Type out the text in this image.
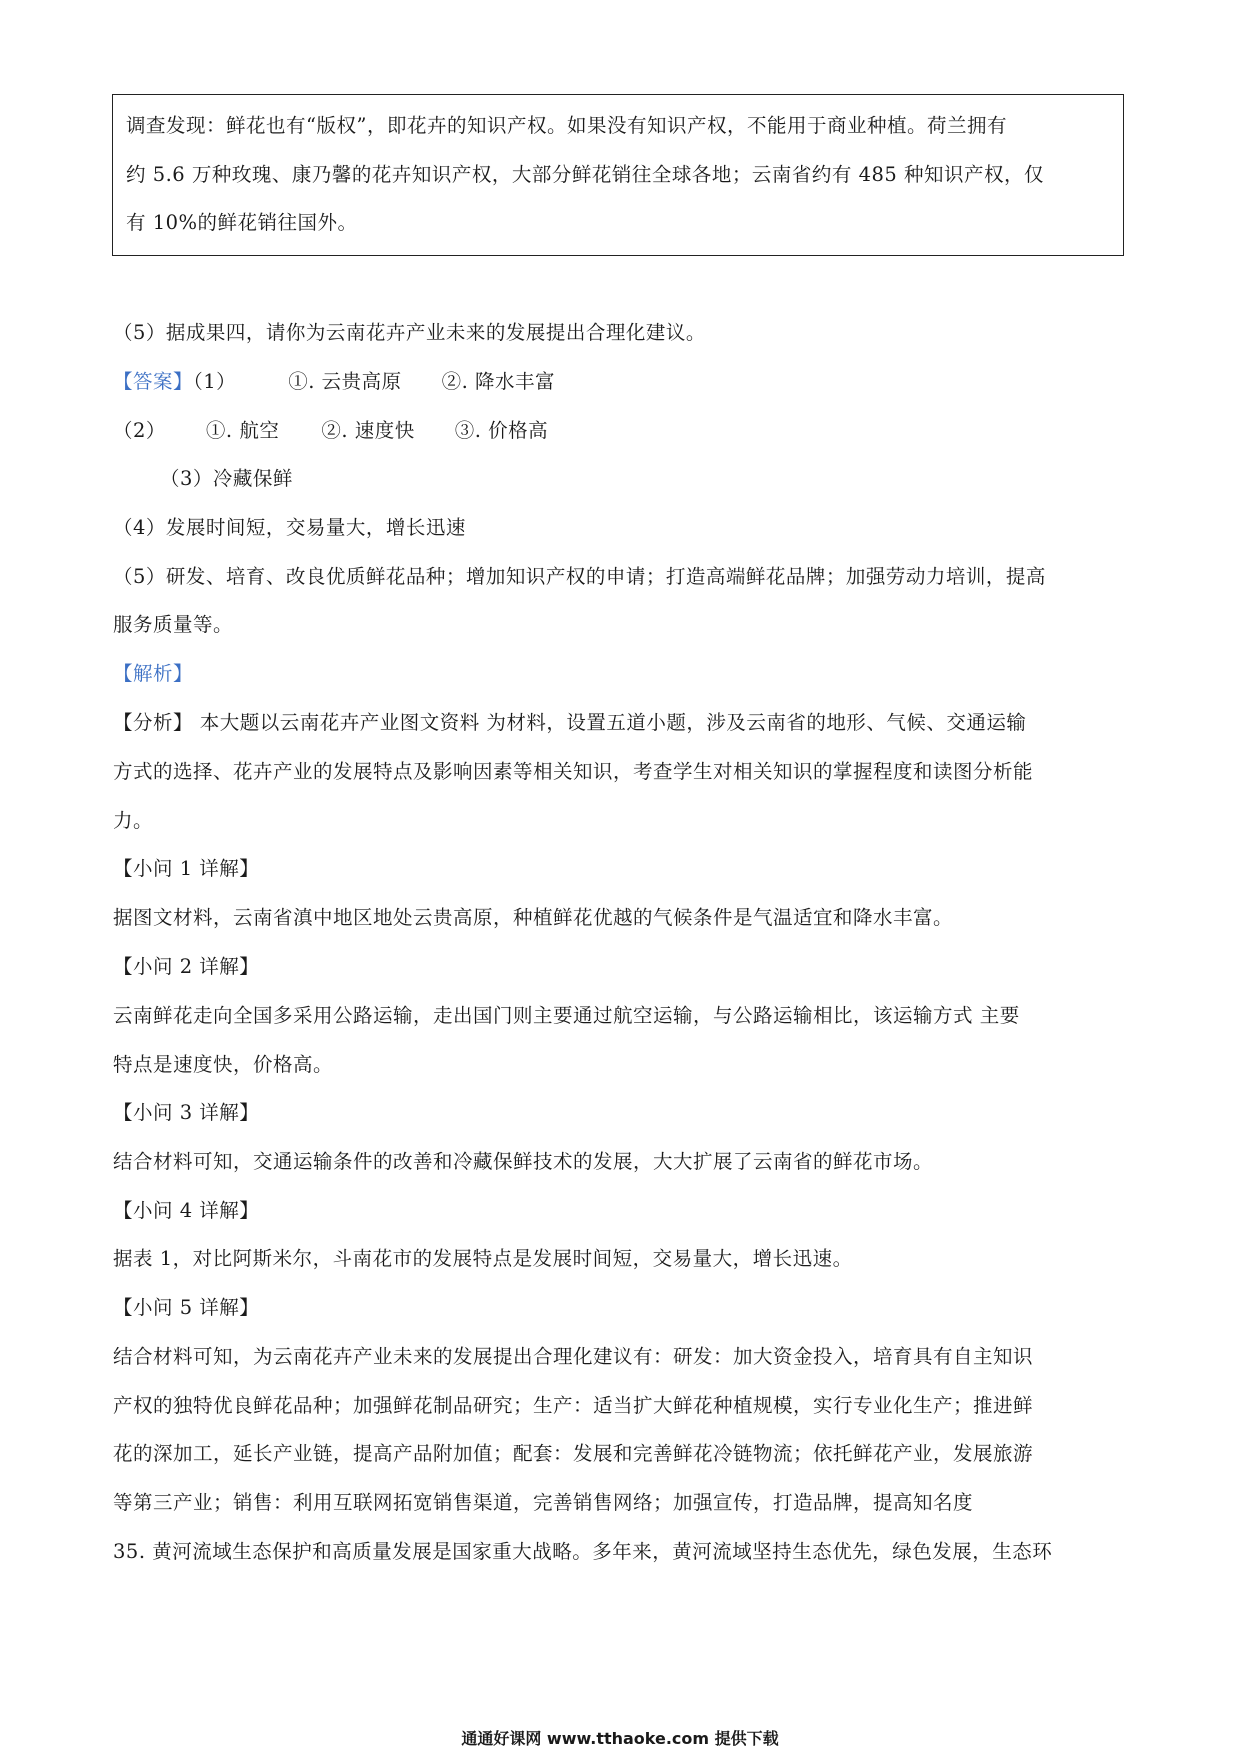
调查发现：鲜花也有“版权”，即花卉的知识产权。如果没有知识产权，不能用于商业种植。荷兰拥有
约 5.6 万种玫瑰、康乃馨的花卉知识产权，大部分鲜花销往全球各地；云南省约有 485 种知识产权，仅
有 10%的鲜花销往国外。
（5）据成果四，请你为云南花卉产业未来的发展提出合理化建议。
【答案】（1）	①. 云贵高原 ②. 降水丰富
（2） ①. 航空 ②. 速度快 ③. 价格高
（3）冷藏保鲜
（4）发展时间短，交易量大，增长迅速
（5）研发、培育、改良优质鲜花品种；增加知识产权的申请；打造高端鲜花品牌；加强劳动力培训，提高
服务质量等。
【解析】
【分析】 本大题以云南花卉产业图文资料 为材料，设置五道小题，涉及云南省的地形、气候、交通运输
方式的选择、花卉产业的发展特点及影响因素等相关知识，考查学生对相关知识的掌握程度和读图分析能
力。
【小问 1 详解】
据图文材料，云南省滇中地区地处云贵高原，种植鲜花优越的气候条件是气温适宜和降水丰富。
【小问 2 详解】
云南鲜花走向全国多采用公路运输，走出国门则主要通过航空运输，与公路运输相比，该运输方式 主要
特点是速度快，价格高。
【小问 3 详解】
结合材料可知，交通运输条件的改善和冷藏保鲜技术的发展，大大扩展了云南省的鲜花市场。
【小问 4 详解】
据表 1，对比阿斯米尔，斗南花市的发展特点是发展时间短，交易量大，增长迅速。
【小问 5 详解】
结合材料可知，为云南花卉产业未来的发展提出合理化建议有：研发：加大资金投入，培育具有自主知识
产权的独特优良鲜花品种；加强鲜花制品研究；生产：适当扩大鲜花种植规模，实行专业化生产；推进鲜
花的深加工，延长产业链，提高产品附加值；配套：发展和完善鲜花冷链物流；依托鲜花产业，发展旅游
等第三产业；销售：利用互联网拓宽销售渠道，完善销售网络；加强宣传，打造品牌，提高知名度
35. 黄河流域生态保护和高质量发展是国家重大战略。多年来，黄河流域坚持生态优先，绿色发展，生态环
通通好课网 www.tthaoke.com 提供下载
